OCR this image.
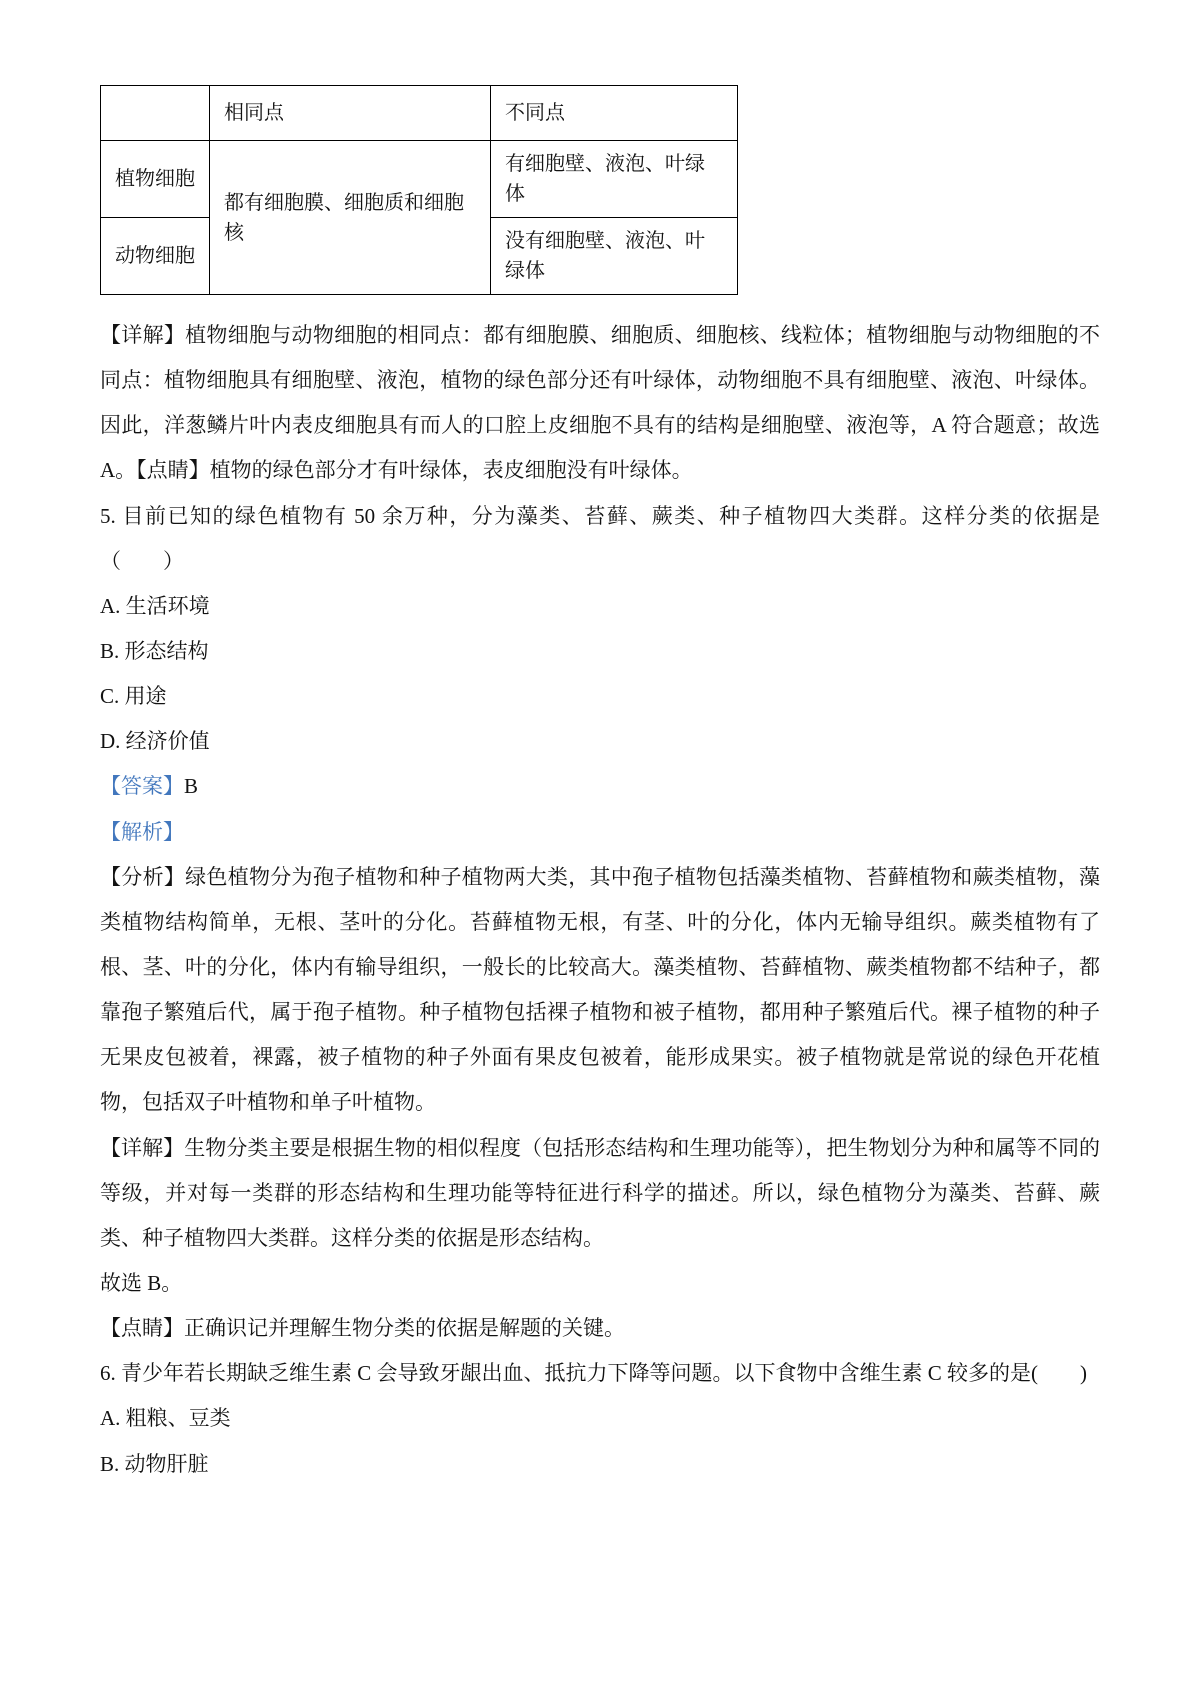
	相同点	不同点
植物细胞	都有细胞膜、细胞质和细胞核	有细胞壁、液泡、叶绿体
动物细胞		没有细胞壁、液泡、叶绿体

【详解】植物细胞与动物细胞的相同点：都有细胞膜、细胞质、细胞核、线粒体；植物细胞与动物细胞的不同点：植物细胞具有细胞壁、液泡，植物的绿色部分还有叶绿体，动物细胞不具有细胞壁、液泡、叶绿体。因此，洋葱鳞片叶内表皮细胞具有而人的口腔上皮细胞不具有的结构是细胞壁、液泡等，A 符合题意；故选 A。【点睛】植物的绿色部分才有叶绿体，表皮细胞没有叶绿体。

5. 目前已知的绿色植物有 50 余万种，分为藻类、苔藓、蕨类、种子植物四大类群。这样分类的依据是（　　）

A. 生活环境

B. 形态结构

C. 用途

D. 经济价值

【答案】B

【解析】

【分析】绿色植物分为孢子植物和种子植物两大类，其中孢子植物包括藻类植物、苔藓植物和蕨类植物，藻类植物结构简单，无根、茎叶的分化。苔藓植物无根，有茎、叶的分化，体内无输导组织。蕨类植物有了根、茎、叶的分化，体内有输导组织，一般长的比较高大。藻类植物、苔藓植物、蕨类植物都不结种子，都靠孢子繁殖后代，属于孢子植物。种子植物包括裸子植物和被子植物，都用种子繁殖后代。裸子植物的种子无果皮包被着，裸露，被子植物的种子外面有果皮包被着，能形成果实。被子植物就是常说的绿色开花植物，包括双子叶植物和单子叶植物。

【详解】生物分类主要是根据生物的相似程度（包括形态结构和生理功能等），把生物划分为种和属等不同的等级，并对每一类群的形态结构和生理功能等特征进行科学的描述。所以，绿色植物分为藻类、苔藓、蕨类、种子植物四大类群。这样分类的依据是形态结构。

故选 B。

【点睛】正确识记并理解生物分类的依据是解题的关键。

6. 青少年若长期缺乏维生素 C 会导致牙龈出血、抵抗力下降等问题。以下食物中含维生素 C 较多的是(　　)

A. 粗粮、豆类

B. 动物肝脏
